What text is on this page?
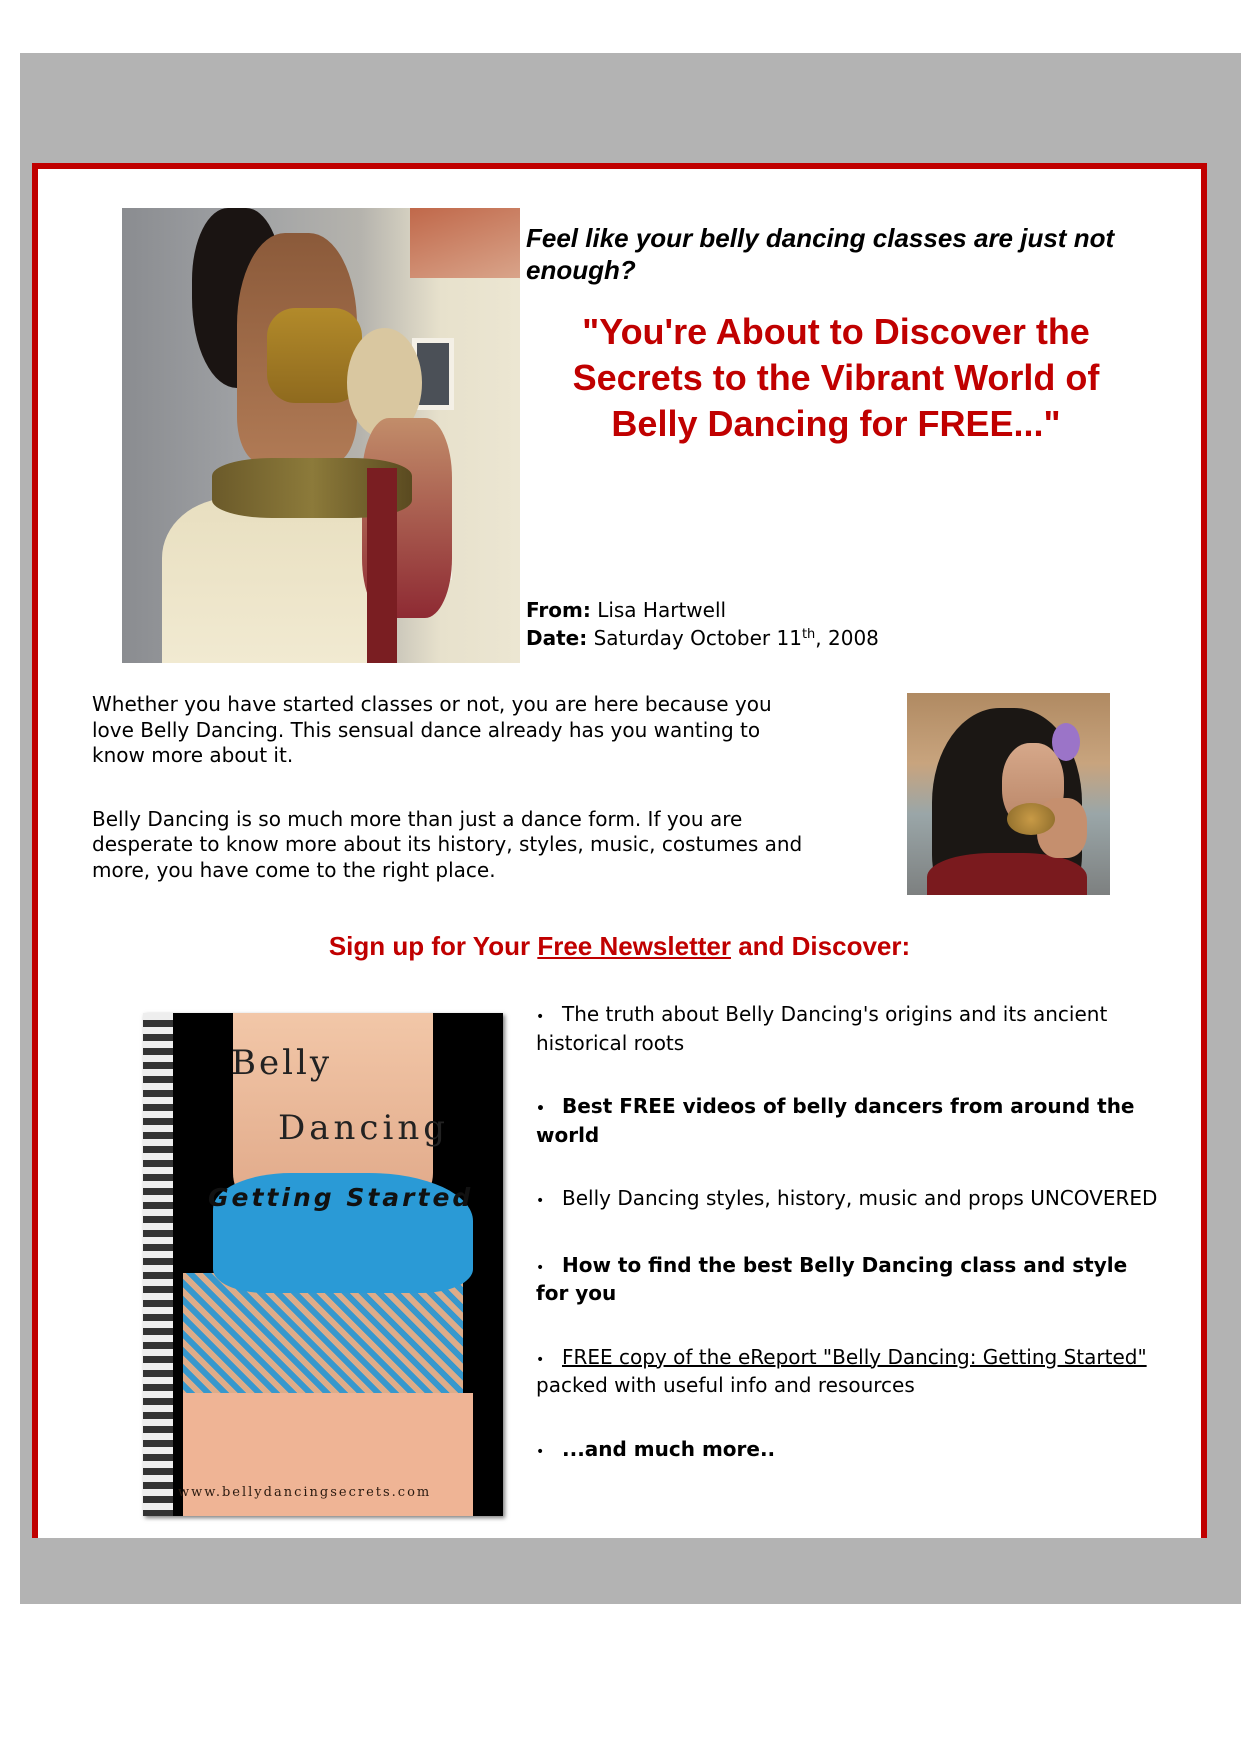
Feel like your belly dancing classes are just not enough?
"You're About to Discover the Secrets to the Vibrant World of Belly Dancing for FREE..."
From: Lisa Hartwell
Date: Saturday October 11th, 2008

Whether you have started classes or not, you are here because you love Belly Dancing. This sensual dance already has you wanting to know more about it.

Belly Dancing is so much more than just a dance form. If you are desperate to know more about its history, styles, music, costumes and more, you have come to the right place.

Sign up for Your Free Newsletter and Discover:
Belly
Dancing
Getting Started
www.bellydancingsecrets.com
• The truth about Belly Dancing's origins and its ancient historical roots
• Best FREE videos of belly dancers from around the world
• Belly Dancing styles, history, music and props UNCOVERED
• How to find the best Belly Dancing class and style for you
• FREE copy of the eReport "Belly Dancing: Getting Started" packed with useful info and resources
• ...and much more..
